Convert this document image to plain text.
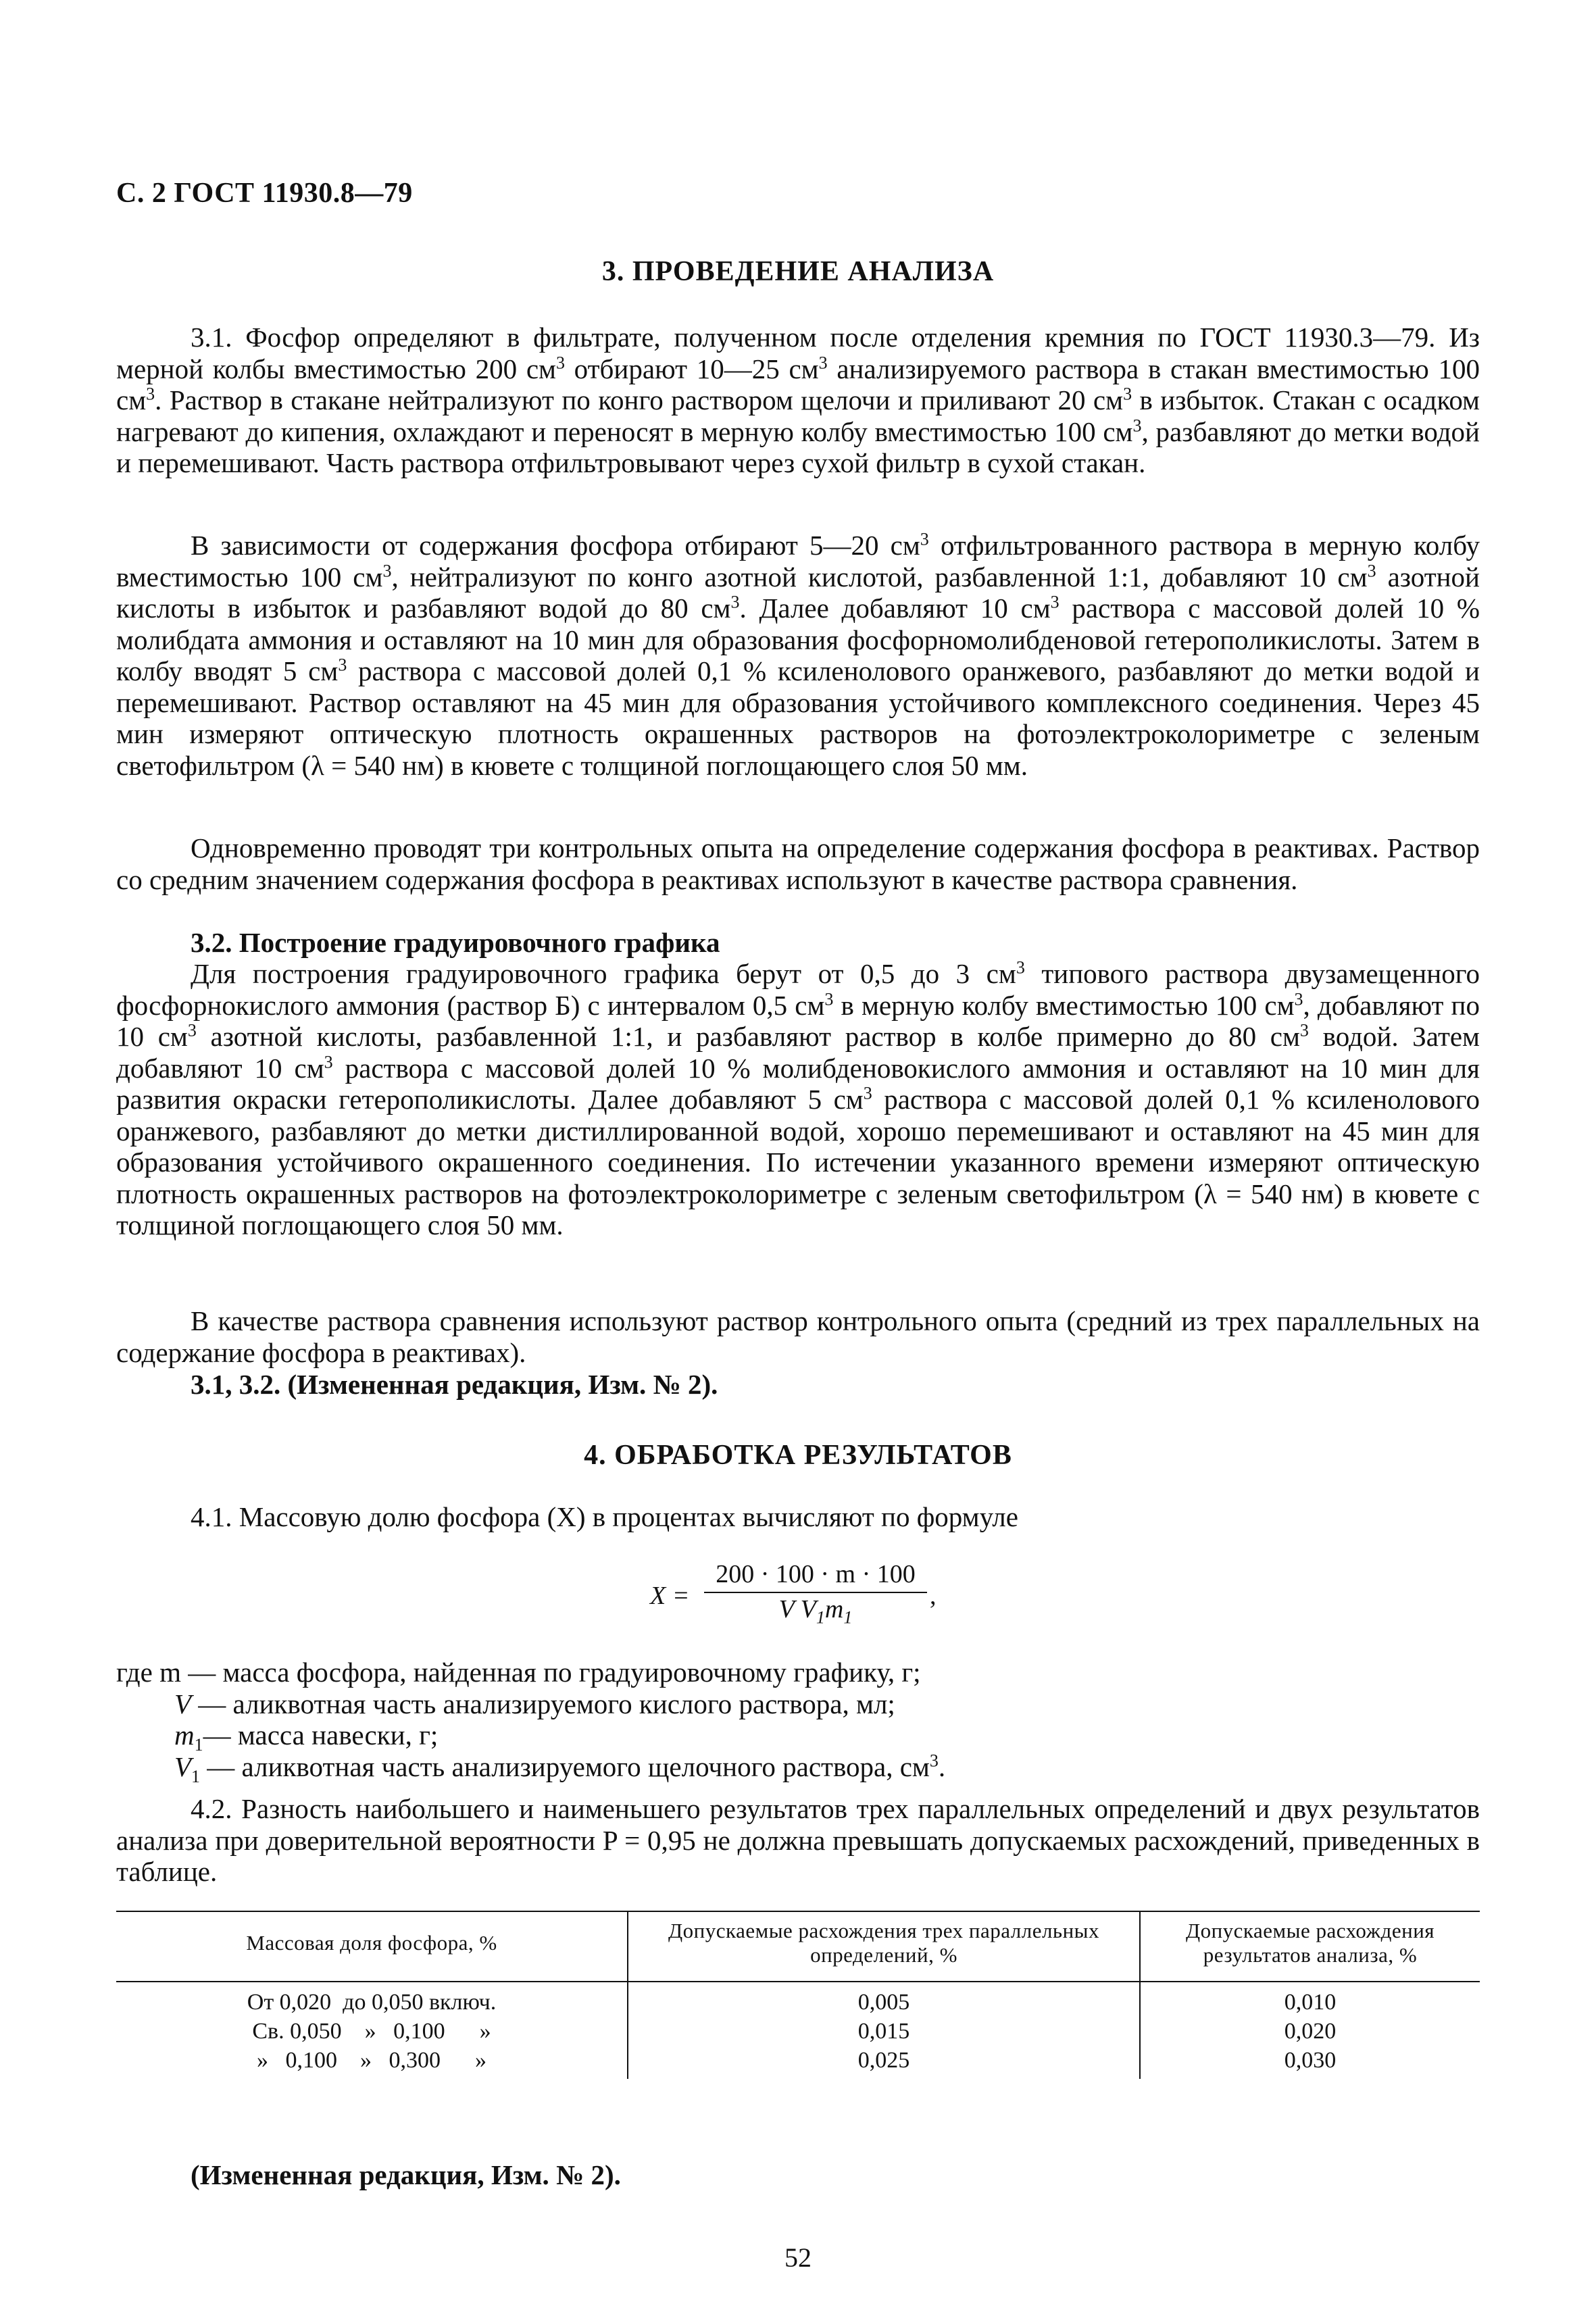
С. 2 ГОСТ 11930.8—79
3. ПРОВЕДЕНИЕ АНАЛИЗА
3.1. Фосфор определяют в фильтрате, полученном после отделения кремния по ГОСТ 11930.3—79. Из мерной колбы вместимостью 200 $см^3$ отбирают 10—25 $см^3$ анализируемого раствора в стакан вместимостью 100 $см^3$. Раствор в стакане нейтрализуют по конго раствором щелочи и приливают 20 $см^3$ в избыток. Стакан с осадком нагревают до кипения, охлаждают и переносят в мерную колбу вместимостью 100 $см^3$, разбавляют до метки водой и перемешивают. Часть раствора отфильтровывают через сухой фильтр в сухой стакан.
В зависимости от содержания фосфора отбирают 5—20 $см^3$ отфильтрованного раствора в мерную колбу вместимостью 100 $см^3$, нейтрализуют по конго азотной кислотой, разбавленной 1:1, добавляют 10 $см^3$ азотной кислоты в избыток и разбавляют водой до 80 $см^3$. Далее добавляют 10 $см^3$ раствора с массовой долей 10 % молибдата аммония и оставляют на 10 мин для образования фосфорномолибденовой гетерополикислоты. Затем в колбу вводят 5 $см^3$ раствора с массовой долей 0,1 % ксиленолового оранжевого, разбавляют до метки водой и перемешивают. Раствор оставляют на 45 мин для образования устойчивого комплексного соединения. Через 45 мин измеряют оптическую плотность окрашенных растворов на фотоэлектроколориметре с зеленым светофильтром (λ = 540 нм) в кювете с толщиной поглощающего слоя 50 мм.
Одновременно проводят три контрольных опыта на определение содержания фосфора в реактивах. Раствор со средним значением содержания фосфора в реактивах используют в качестве раствора сравнения.
3.2. Построение градуировочного графика
Для построения градуировочного графика берут от 0,5 до 3 $см^3$ типового раствора двузамещенного фосфорнокислого аммония (раствор Б) с интервалом 0,5 $см^3$ в мерную колбу вместимостью 100 $см^3$, добавляют по 10 $см^3$ азотной кислоты, разбавленной 1:1, и разбавляют раствор в колбе примерно до 80 $см^3$ водой. Затем добавляют 10 $см^3$ раствора с массовой долей 10 % молибденовокислого аммония и оставляют на 10 мин для развития окраски гетерополикислоты. Далее добавляют 5 $см^3$ раствора с массовой долей 0,1 % ксиленолового оранжевого, разбавляют до метки дистиллированной водой, хорошо перемешивают и оставляют на 45 мин для образования устойчивого окрашенного соединения. По истечении указанного времени измеряют оптическую плотность окрашенных растворов на фотоэлектроколориметре с зеленым светофильтром (λ = 540 нм) в кювете с толщиной поглощающего слоя 50 мм.
В качестве раствора сравнения используют раствор контрольного опыта (средний из трех параллельных на содержание фосфора в реактивах).
3.1, 3.2. (Измененная редакция, Изм. № 2).
4. ОБРАБОТКА РЕЗУЛЬТАТОВ
4.1. Массовую долю фосфора (X) в процентах вычисляют по формуле
X =
200 · 100 · m · 100
V $V_1m_1$
,
где m — масса фосфора, найденная по градуировочному графику, г;
V — аликвотная часть анализируемого кислого раствора, мл;
$m_1—$ масса навески, г;
$V_1$ — аликвотная часть анализируемого щелочного раствора, $см^3$.
4.2. Разность наибольшего и наименьшего результатов трех параллельных определений и двух результатов анализа при доверительной вероятности P = 0,95 не должна превышать допускаемых расхождений, приведенных в таблице.
Массовая доля фосфора, %	Допускаемые расхождения трех параллельных определений, %	Допускаемые расхождения результатов анализа, %
От 0,020  до 0,050 включ.	0,005	0,010
Св. 0,050    »   0,100      »	0,015	0,020
»   0,100    »   0,300      »	0,025	0,030
(Измененная редакция, Изм. № 2).
52
